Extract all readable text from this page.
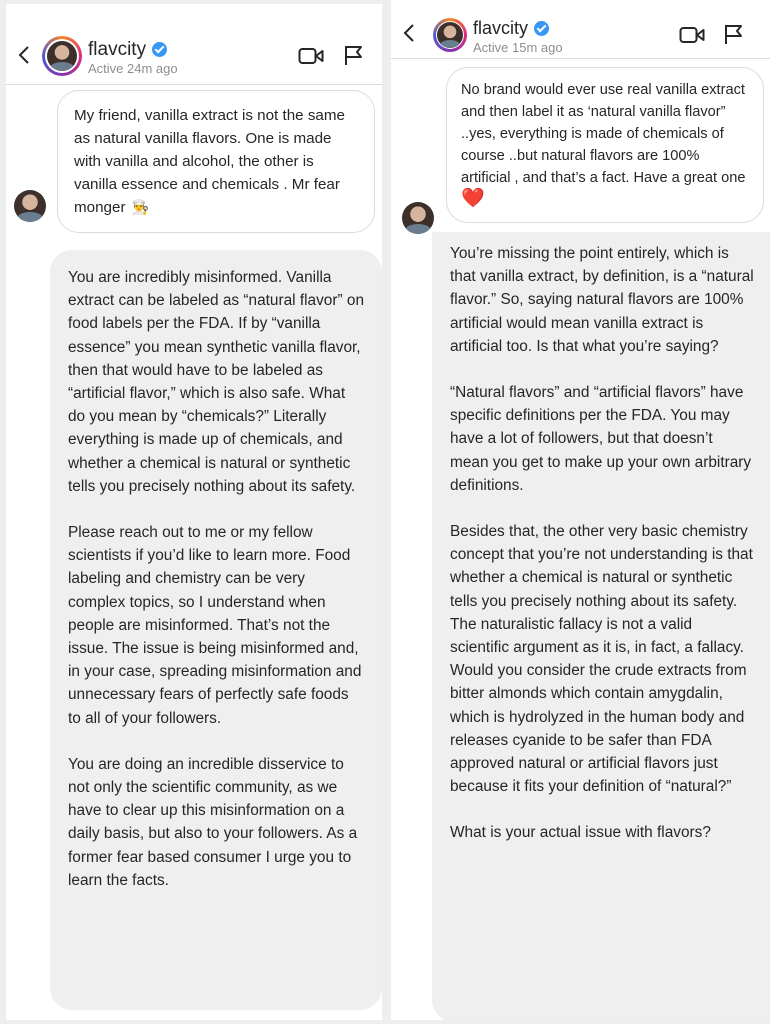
flavcity
Active 24m ago
My friend, vanilla extract is not the same as natural vanilla flavors. One is made with vanilla and alcohol, the other is vanilla essence and chemicals . Mr fear monger 👨‍🍳

You are incredibly misinformed. Vanilla extract can be labeled as “natural flavor” on food labels per the FDA. If by “vanilla essence” you mean synthetic vanilla flavor, then that would have to be labeled as “artificial flavor,” which is also safe. What do you mean by “chemicals?” Literally everything is made up of chemicals, and whether a chemical is natural or synthetic tells you precisely nothing about its safety.

Please reach out to me or my fellow scientists if you’d like to learn more. Food labeling and chemistry can be very complex topics, so I understand when people are misinformed. That’s not the issue. The issue is being misinformed and, in your case, spreading misinformation and unnecessary fears of perfectly safe foods to all of your followers.

You are doing an incredible disservice to not only the scientific community, as we have to clear up this misinformation on a daily basis, but also to your followers. As a former fear based consumer I urge you to learn the facts.

flavcity
Active 15m ago
No brand would ever use real vanilla extract and then label it as ‘natural vanilla flavor” ..yes, everything is made of chemicals of course ..but natural flavors are 100% artificial , and that’s a fact. Have a great one
❤️

You’re missing the point entirely, which is that vanilla extract, by definition, is a “natural flavor.” So, saying natural flavors are 100% artificial would mean vanilla extract is artificial too. Is that what you’re saying?

“Natural flavors” and “artificial flavors” have specific definitions per the FDA. You may have a lot of followers, but that doesn’t mean you get to make up your own arbitrary definitions.

Besides that, the other very basic chemistry concept that you’re not understanding is that whether a chemical is natural or synthetic tells you precisely nothing about its safety. The naturalistic fallacy is not a valid scientific argument as it is, in fact, a fallacy. Would you consider the crude extracts from bitter almonds which contain amygdalin, which is hydrolyzed in the human body and releases cyanide to be safer than FDA approved natural or artificial flavors just because it fits your definition of “natural?”

What is your actual issue with flavors?
